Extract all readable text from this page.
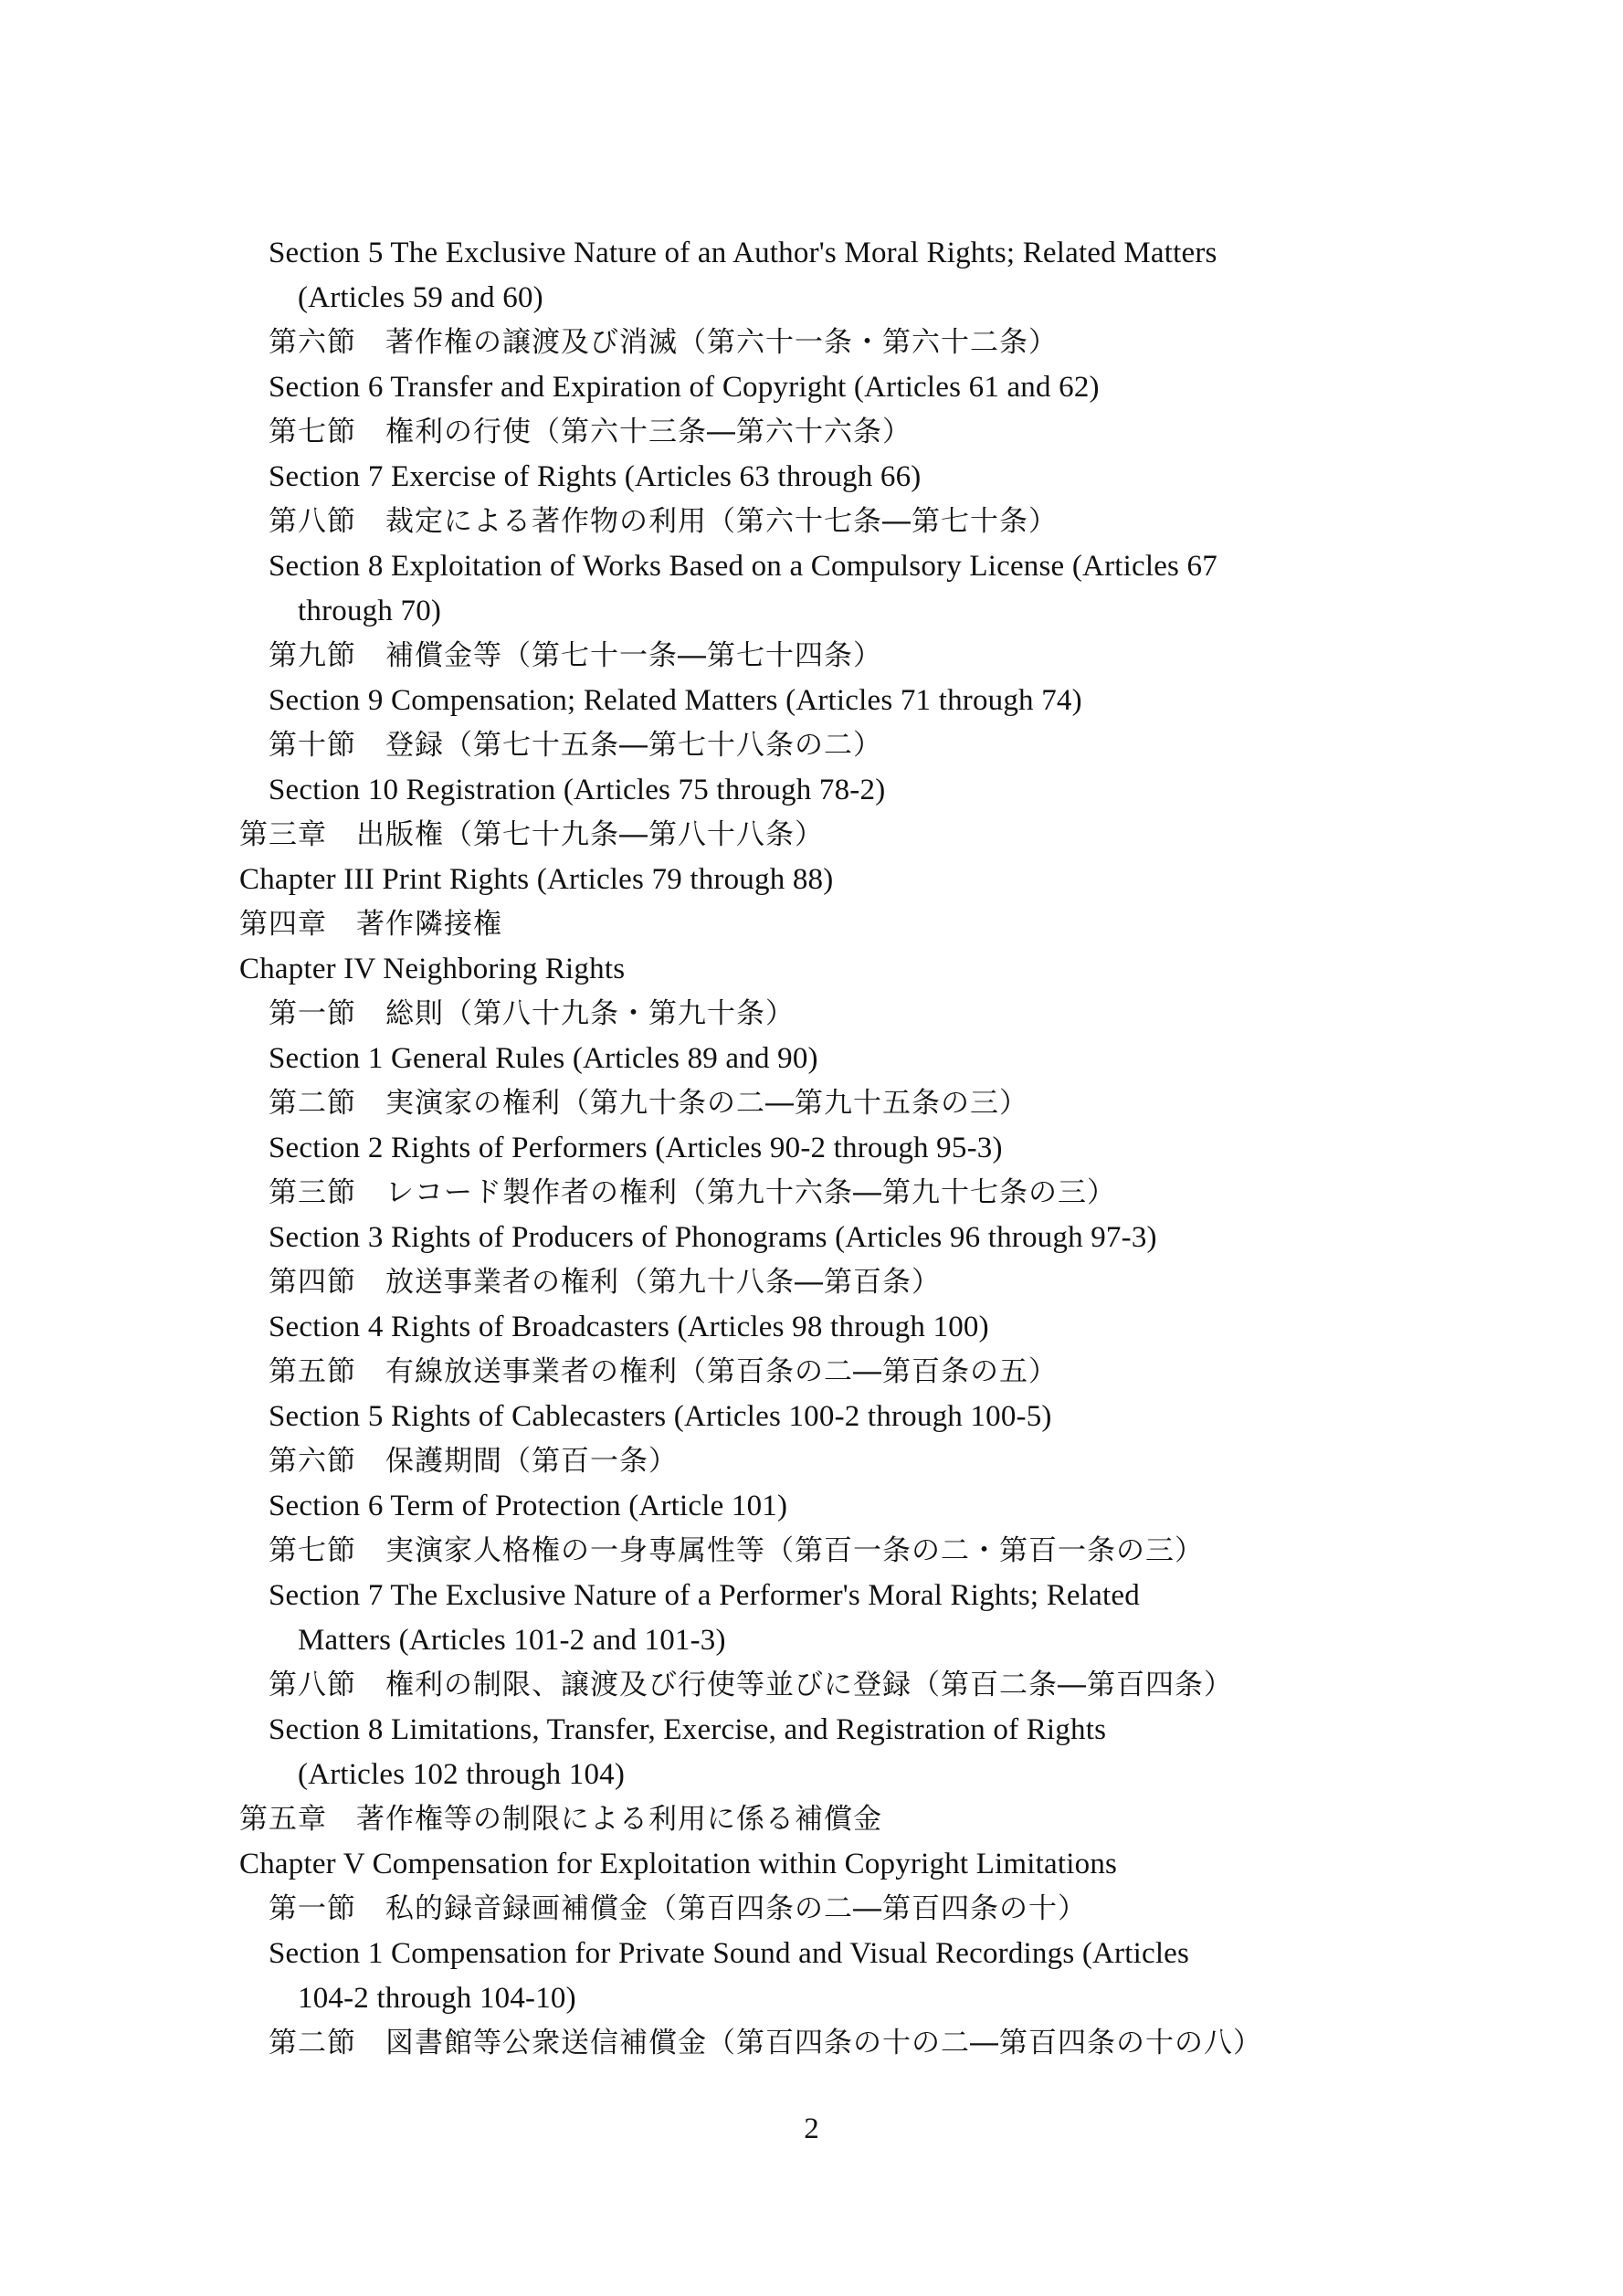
Section 5 The Exclusive Nature of an Author's Moral Rights; Related Matters
(Articles 59 and 60)
第六節　著作権の譲渡及び消滅（第六十一条・第六十二条）
Section 6 Transfer and Expiration of Copyright (Articles 61 and 62)
第七節　権利の行使（第六十三条―第六十六条）
Section 7 Exercise of Rights (Articles 63 through 66)
第八節　裁定による著作物の利用（第六十七条―第七十条）
Section 8 Exploitation of Works Based on a Compulsory License (Articles 67
through 70)
第九節　補償金等（第七十一条―第七十四条）
Section 9 Compensation; Related Matters (Articles 71 through 74)
第十節　登録（第七十五条―第七十八条の二）
Section 10 Registration (Articles 75 through 78-2)
第三章　出版権（第七十九条―第八十八条）
Chapter III Print Rights (Articles 79 through 88)
第四章　著作隣接権
Chapter IV Neighboring Rights
第一節　総則（第八十九条・第九十条）
Section 1 General Rules (Articles 89 and 90)
第二節　実演家の権利（第九十条の二―第九十五条の三）
Section 2 Rights of Performers (Articles 90-2 through 95-3)
第三節　レコード製作者の権利（第九十六条―第九十七条の三）
Section 3 Rights of Producers of Phonograms (Articles 96 through 97-3)
第四節　放送事業者の権利（第九十八条―第百条）
Section 4 Rights of Broadcasters (Articles 98 through 100)
第五節　有線放送事業者の権利（第百条の二―第百条の五）
Section 5 Rights of Cablecasters (Articles 100-2 through 100-5)
第六節　保護期間（第百一条）
Section 6 Term of Protection (Article 101)
第七節　実演家人格権の一身専属性等（第百一条の二・第百一条の三）
Section 7 The Exclusive Nature of a Performer's Moral Rights; Related
Matters (Articles 101-2 and 101-3)
第八節　権利の制限、譲渡及び行使等並びに登録（第百二条―第百四条）
Section 8 Limitations, Transfer, Exercise, and Registration of Rights
(Articles 102 through 104)
第五章　著作権等の制限による利用に係る補償金
Chapter V Compensation for Exploitation within Copyright Limitations
第一節　私的録音録画補償金（第百四条の二―第百四条の十）
Section 1 Compensation for Private Sound and Visual Recordings (Articles
104-2 through 104-10)
第二節　図書館等公衆送信補償金（第百四条の十の二―第百四条の十の八）
2
